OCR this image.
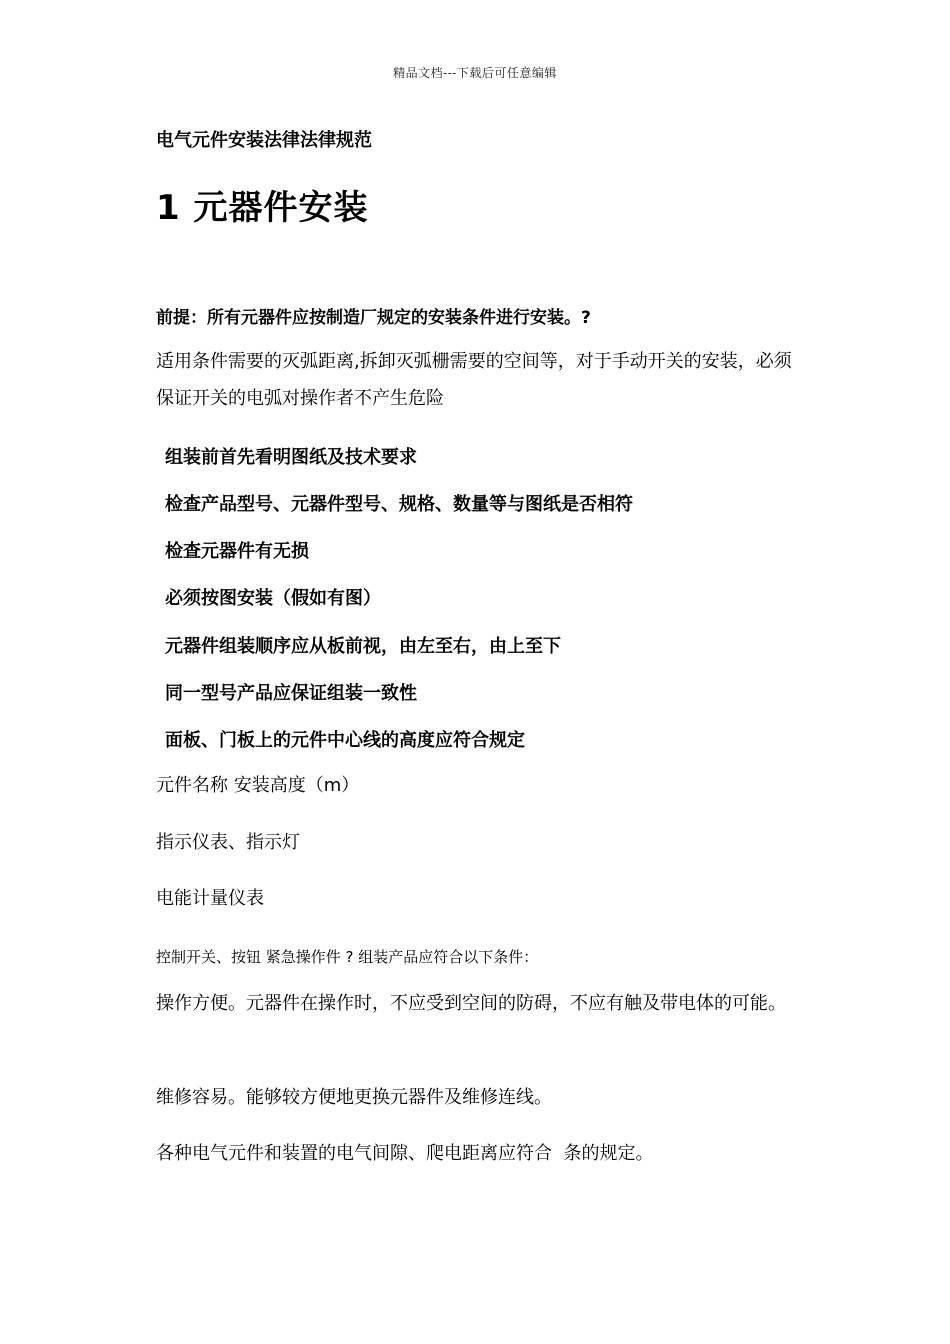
精品文档---下载后可任意编辑
电气元件安装法律法律规范
1 元器件安装
前提：所有元器件应按制造厂规定的安装条件进行安装。?
适用条件需要的灭弧距离,拆卸灭弧栅需要的空间等，对于手动开关的安装，必须保证开关的电弧对操作者不产生危险
组装前首先看明图纸及技术要求
检查产品型号、元器件型号、规格、数量等与图纸是否相符
检查元器件有无损
必须按图安装（假如有图）
元器件组装顺序应从板前视，由左至右，由上至下
同一型号产品应保证组装一致性
面板、门板上的元件中心线的高度应符合规定
元件名称 安装高度（m）
指示仪表、指示灯
电能计量仪表
控制开关、按钮 紧急操作件 ? 组装产品应符合以下条件：
操作方便。元器件在操作时，不应受到空间的防碍，不应有触及带电体的可能。
维修容易。能够较方便地更换元器件及维修连线。
各种电气元件和装置的电气间隙、爬电距离应符合  条的规定。
